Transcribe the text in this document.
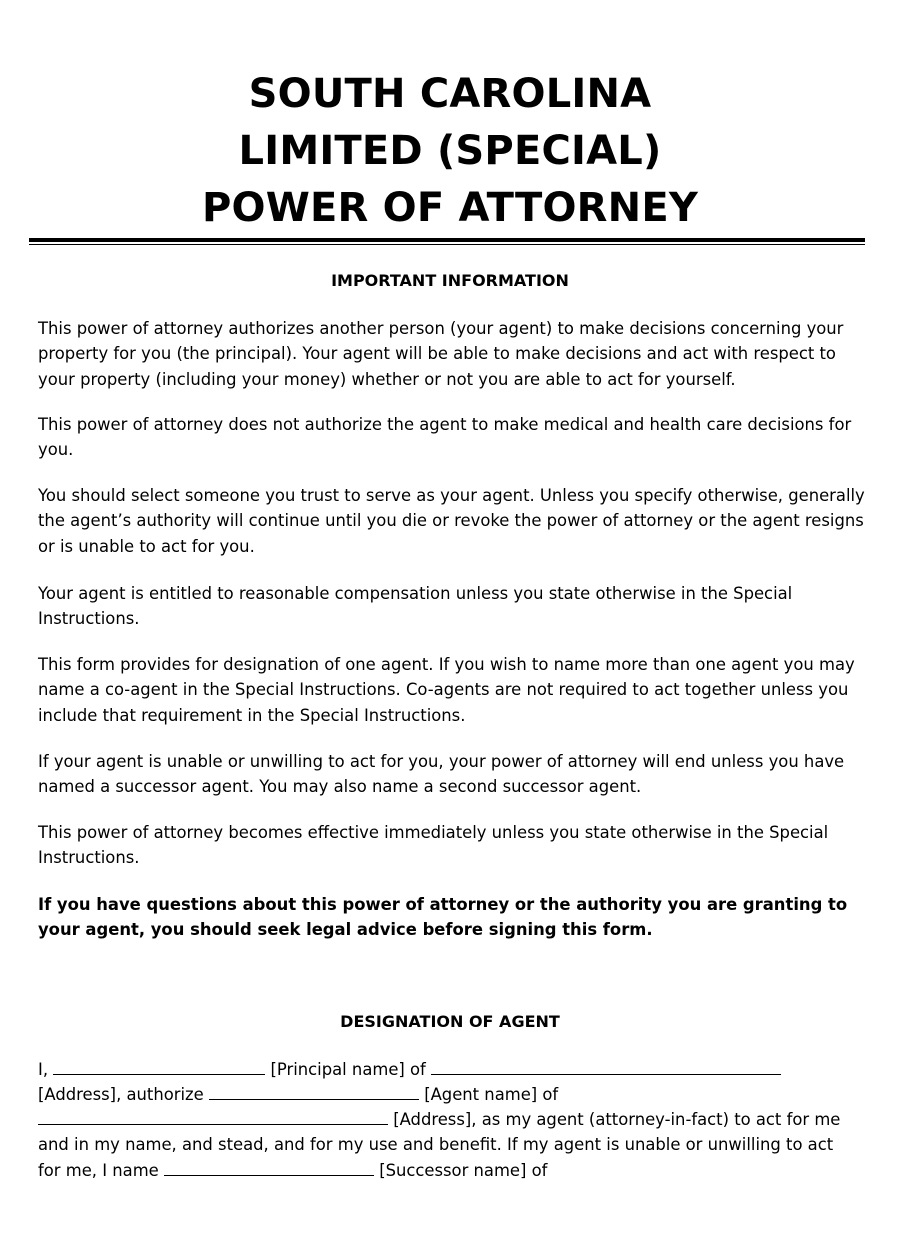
SOUTH CAROLINA
LIMITED (SPECIAL)
POWER OF ATTORNEY
IMPORTANT INFORMATION

This power of attorney authorizes another person (your agent) to make decisions concerning your property for you (the principal). Your agent will be able to make decisions and act with respect to your property (including your money) whether or not you are able to act for yourself.

This power of attorney does not authorize the agent to make medical and health care decisions for you.

You should select someone you trust to serve as your agent. Unless you specify otherwise, generally the agent’s authority will continue until you die or revoke the power of attorney or the agent resigns or is unable to act for you.

Your agent is entitled to reasonable compensation unless you state otherwise in the Special Instructions.

This form provides for designation of one agent. If you wish to name more than one agent you may name a co-agent in the Special Instructions. Co-agents are not required to act together unless you include that requirement in the Special Instructions.

If your agent is unable or unwilling to act for you, your power of attorney will end unless you have named a successor agent. You may also name a second successor agent.

This power of attorney becomes effective immediately unless you state otherwise in the Special Instructions.

If you have questions about this power of attorney or the authority you are granting to your agent, you should seek legal advice before signing this form.

DESIGNATION OF AGENT
I,	[Principal name] of
[Address], authorize	[Agent name] of
[Address], as my agent (attorney-in-fact) to act for me
and in my name, and stead, and for my use and benefit. If my agent is unable or unwilling to act
for me, I name	[Successor name] of
